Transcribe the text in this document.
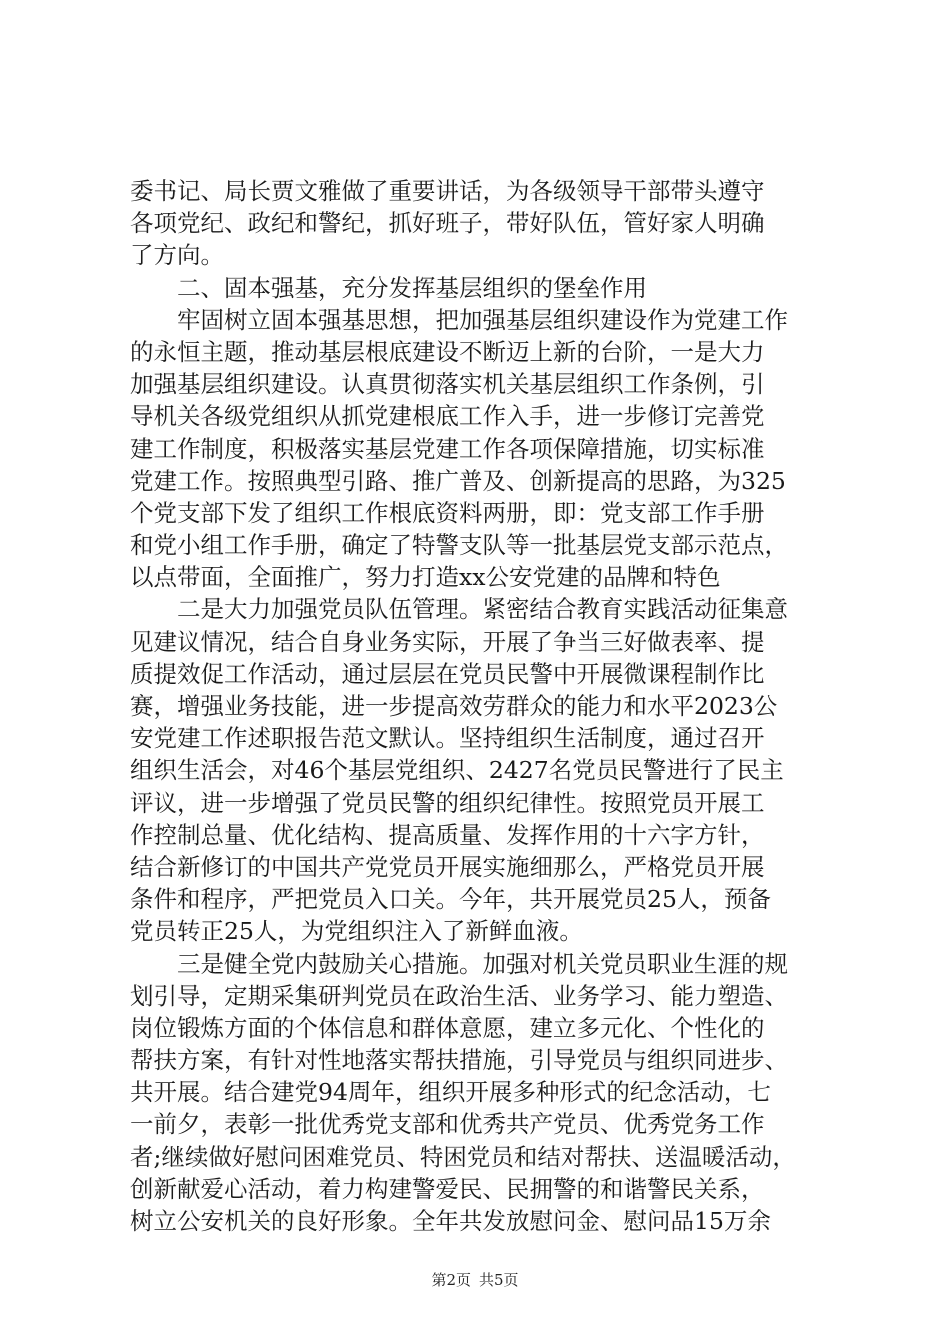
委书记、局长贾文雅做了重要讲话，为各级领导干部带头遵守
各项党纪、政纪和警纪，抓好班子，带好队伍，管好家人明确
了方向。
　　二、固本强基，充分发挥基层组织的堡垒作用
　　牢固树立固本强基思想，把加强基层组织建设作为党建工作
的永恒主题，推动基层根底建设不断迈上新的台阶，一是大力
加强基层组织建设。认真贯彻落实机关基层组织工作条例，引
导机关各级党组织从抓党建根底工作入手，进一步修订完善党
建工作制度，积极落实基层党建工作各项保障措施，切实标准
党建工作。按照典型引路、推广普及、创新提高的思路，为325
个党支部下发了组织工作根底资料两册，即：党支部工作手册
和党小组工作手册，确定了特警支队等一批基层党支部示范点，
以点带面，全面推广，努力打造xx公安党建的品牌和特色
　　二是大力加强党员队伍管理。紧密结合教育实践活动征集意
见建议情况，结合自身业务实际，开展了争当三好做表率、提
质提效促工作活动，通过层层在党员民警中开展微课程制作比
赛，增强业务技能，进一步提高效劳群众的能力和水平2023公
安党建工作述职报告范文默认。坚持组织生活制度，通过召开
组织生活会，对46个基层党组织、2427名党员民警进行了民主
评议，进一步增强了党员民警的组织纪律性。按照党员开展工
作控制总量、优化结构、提高质量、发挥作用的十六字方针，
结合新修订的中国共产党党员开展实施细那么，严格党员开展
条件和程序，严把党员入口关。今年，共开展党员25人，预备
党员转正25人，为党组织注入了新鲜血液。
　　三是健全党内鼓励关心措施。加强对机关党员职业生涯的规
划引导，定期采集研判党员在政治生活、业务学习、能力塑造、
岗位锻炼方面的个体信息和群体意愿，建立多元化、个性化的
帮扶方案，有针对性地落实帮扶措施，引导党员与组织同进步、
共开展。结合建党94周年，组织开展多种形式的纪念活动，七
一前夕，表彰一批优秀党支部和优秀共产党员、优秀党务工作
者;继续做好慰问困难党员、特困党员和结对帮扶、送温暖活动，
创新献爱心活动，着力构建警爱民、民拥警的和谐警民关系，
树立公安机关的良好形象。全年共发放慰问金、慰问品15万余
第2页 共5页
